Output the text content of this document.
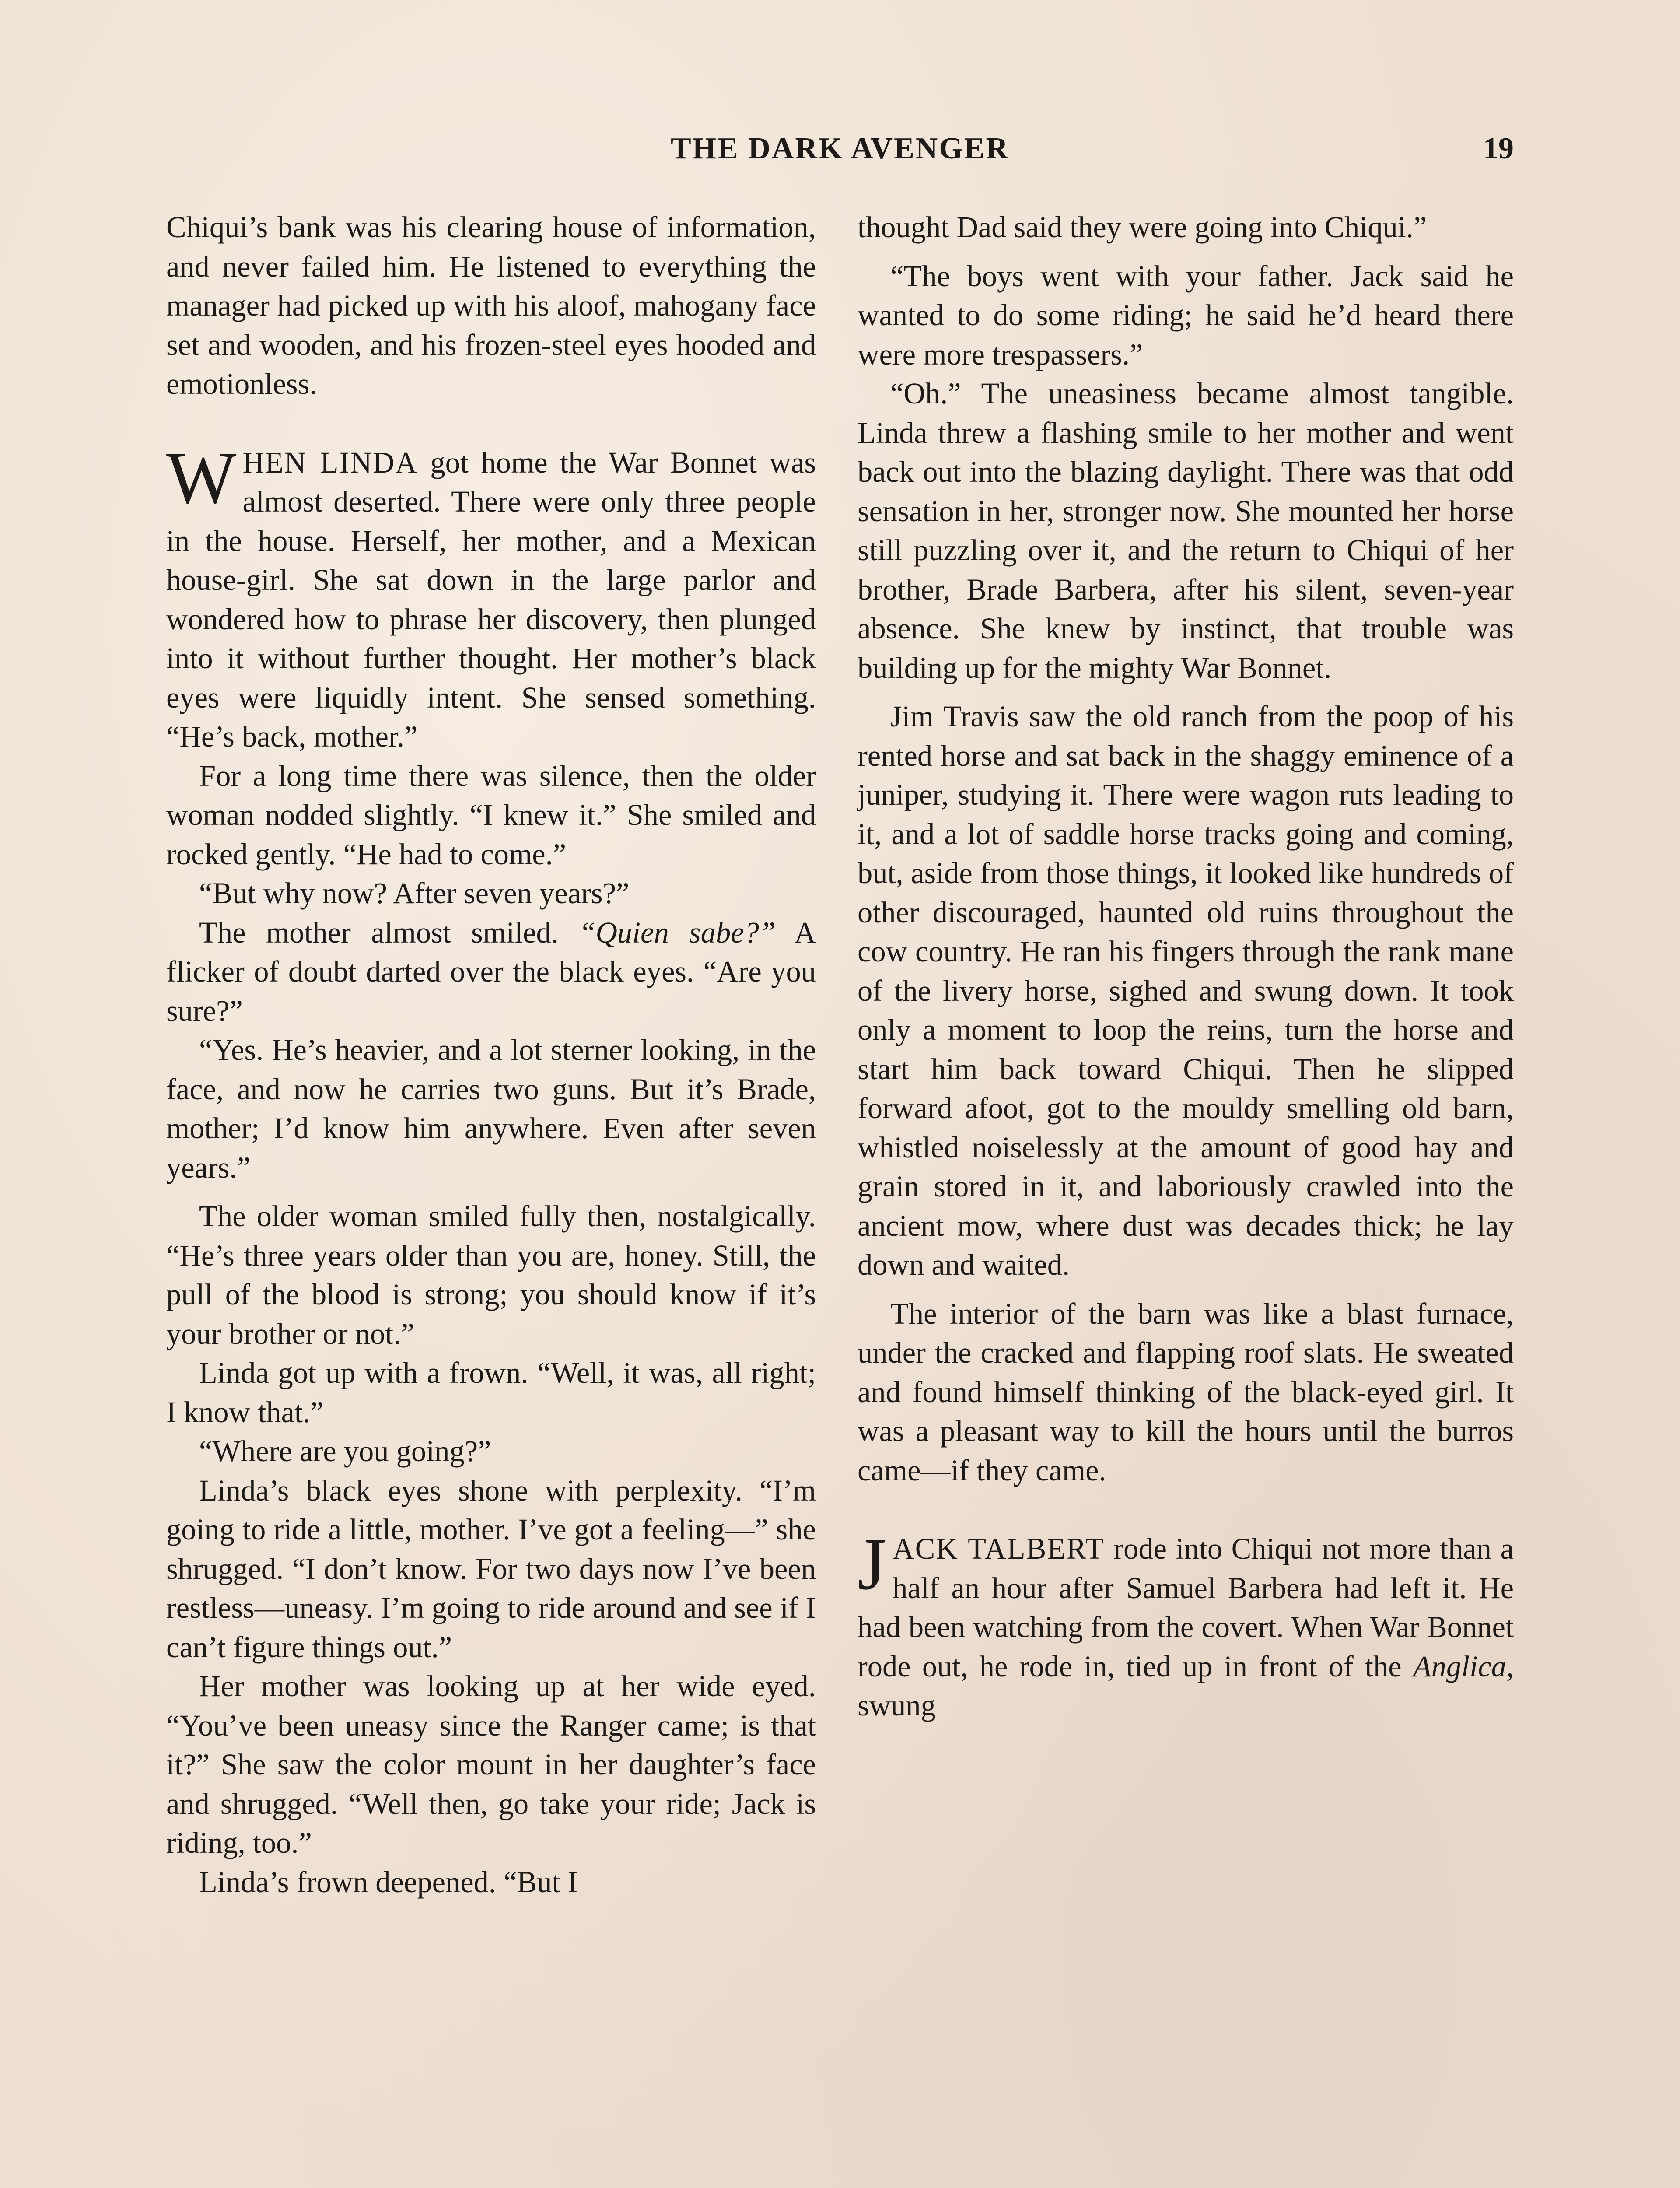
THE DARK AVENGER	19

Chiqui’s bank was his clearing house of information, and never failed him. He listened to everything the manager had picked up with his aloof, mahogany face set and wooden, and his frozen-steel eyes hooded and emotionless.

WHEN LINDA got home the War Bonnet was almost deserted. There were only three people in the house. Herself, her mother, and a Mexican house-girl. She sat down in the large parlor and wondered how to phrase her discovery, then plunged into it without further thought. Her mother’s black eyes were liquidly intent. She sensed something. “He’s back, mother.”

For a long time there was silence, then the older woman nodded slightly. “I knew it.” She smiled and rocked gently. “He had to come.”

“But why now? After seven years?”

The mother almost smiled. “Quien sabe?” A flicker of doubt darted over the black eyes. “Are you sure?”

“Yes. He’s heavier, and a lot sterner looking, in the face, and now he carries two guns. But it’s Brade, mother; I’d know him anywhere. Even after seven years.”

The older woman smiled fully then, nostalgically. “He’s three years older than you are, honey. Still, the pull of the blood is strong; you should know if it’s your brother or not.”

Linda got up with a frown. “Well, it was, all right; I know that.”

“Where are you going?”

Linda’s black eyes shone with perplexity. “I’m going to ride a little, mother. I’ve got a feeling—” she shrugged. “I don’t know. For two days now I’ve been restless—uneasy. I’m going to ride around and see if I can’t figure things out.”

Her mother was looking up at her wide eyed. “You’ve been uneasy since the Ranger came; is that it?” She saw the color mount in her daughter’s face and shrugged. “Well then, go take your ride; Jack is riding, too.”

Linda’s frown deepened. “But I

thought Dad said they were going into Chiqui.”

“The boys went with your father. Jack said he wanted to do some riding; he said he’d heard there were more trespassers.”

“Oh.” The uneasiness became almost tangible. Linda threw a flashing smile to her mother and went back out into the blazing daylight. There was that odd sensation in her, stronger now. She mounted her horse still puzzling over it, and the return to Chiqui of her brother, Brade Barbera, after his silent, seven-year absence. She knew by instinct, that trouble was building up for the mighty War Bonnet.

Jim Travis saw the old ranch from the poop of his rented horse and sat back in the shaggy eminence of a juniper, studying it. There were wagon ruts leading to it, and a lot of saddle horse tracks going and coming, but, aside from those things, it looked like hundreds of other discouraged, haunted old ruins throughout the cow country. He ran his fingers through the rank mane of the livery horse, sighed and swung down. It took only a moment to loop the reins, turn the horse and start him back toward Chiqui. Then he slipped forward afoot, got to the mouldy smelling old barn, whistled noiselessly at the amount of good hay and grain stored in it, and laboriously crawled into the ancient mow, where dust was decades thick; he lay down and waited.

The interior of the barn was like a blast furnace, under the cracked and flapping roof slats. He sweated and found himself thinking of the black-eyed girl. It was a pleasant way to kill the hours until the burros came—if they came.

JACK TALBERT rode into Chiqui not more than a half an hour after Samuel Barbera had left it. He had been watching from the covert. When War Bonnet rode out, he rode in, tied up in front of the Anglica, swung
